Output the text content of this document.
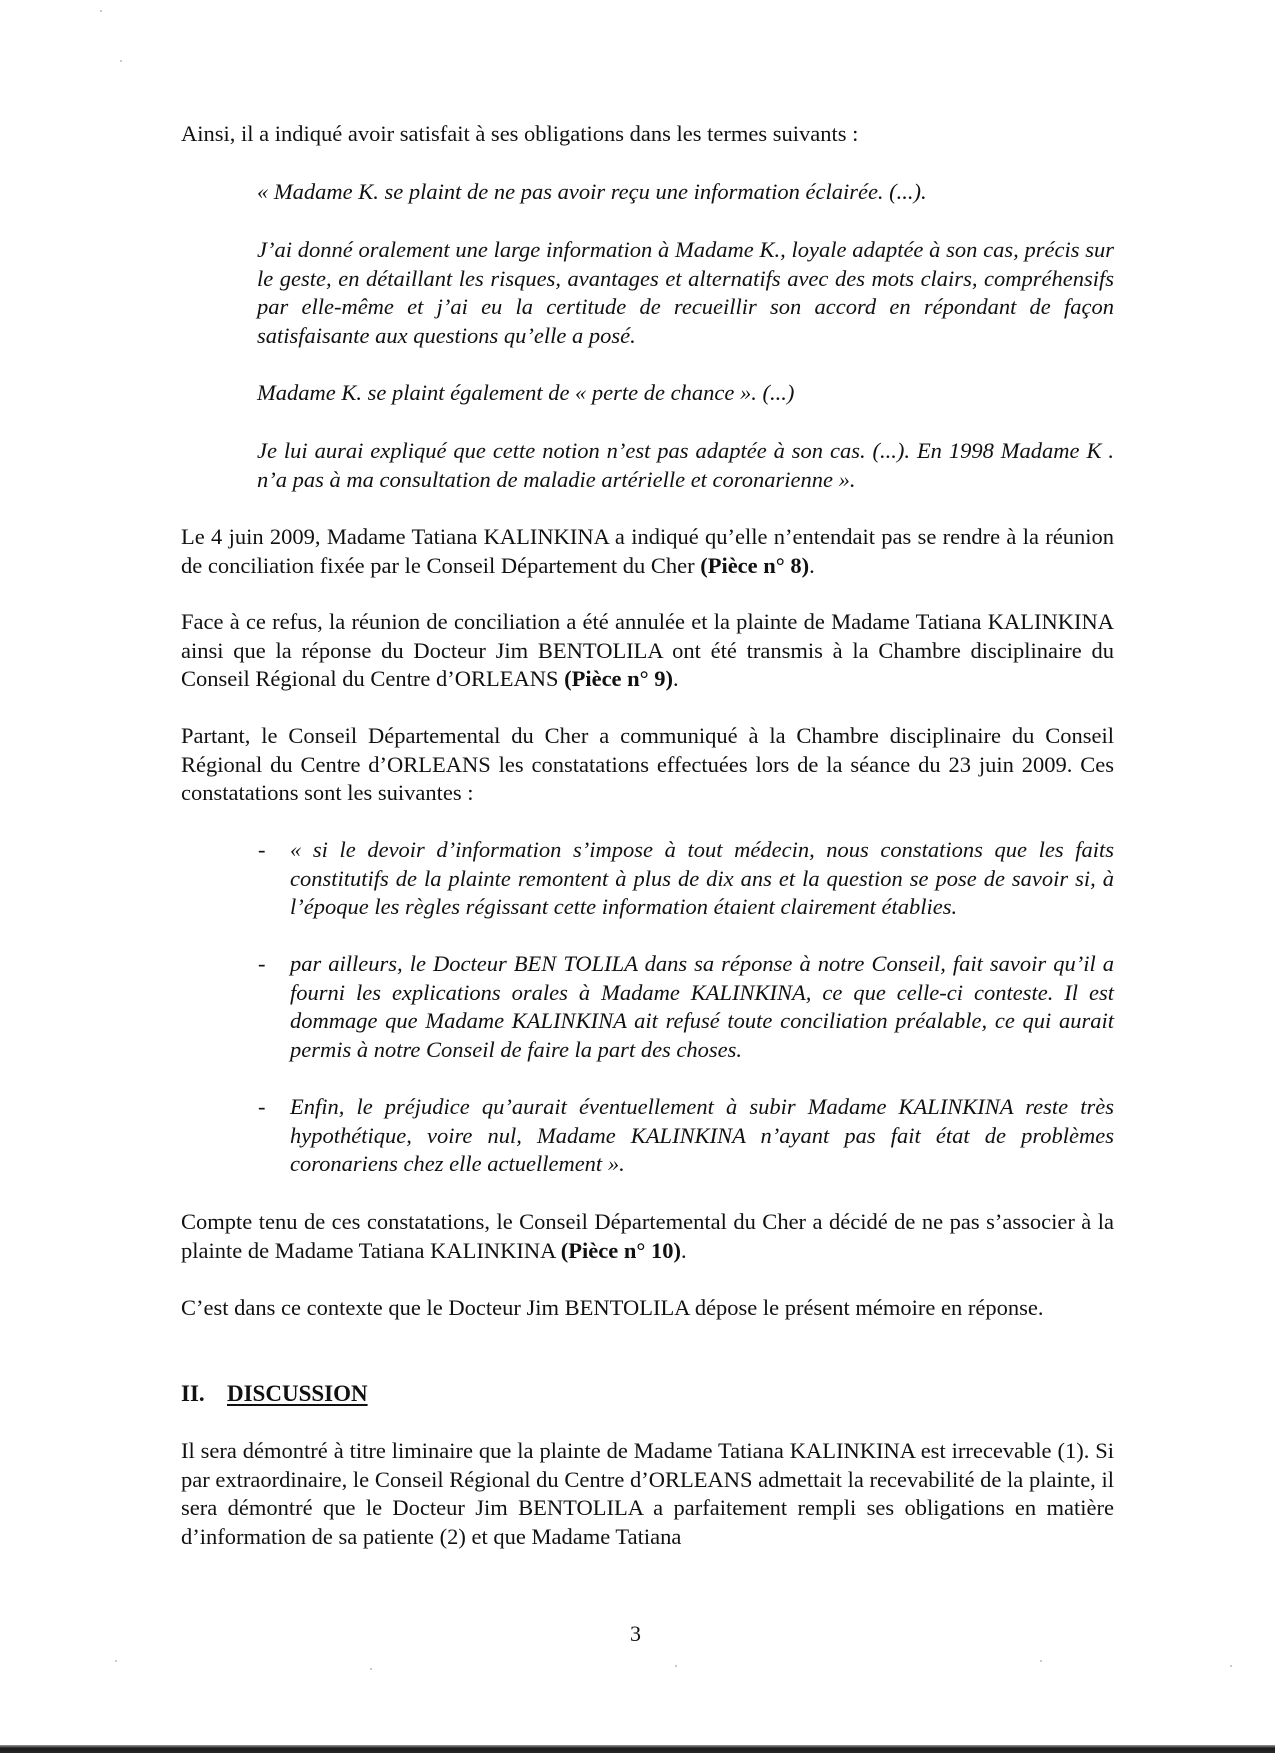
Ainsi, il a indiqué avoir satisfait à ses obligations dans les termes suivants :

« Madame K. se plaint de ne pas avoir reçu une information éclairée. (...).

J’ai donné oralement une large information à Madame K., loyale adaptée à son cas, précis sur le geste, en détaillant les risques, avantages et alternatifs avec des mots clairs, compréhensifs par elle-même et j’ai eu la certitude de recueillir son accord en répondant de façon satisfaisante aux questions qu’elle a posé.

Madame K. se plaint également de « perte de chance ». (...)

Je lui aurai expliqué que cette notion n’est pas adaptée à son cas. (...). En 1998 Madame K . n’a pas à ma consultation de maladie artérielle et coronarienne ».

Le 4 juin 2009, Madame Tatiana KALINKINA a indiqué qu’elle n’entendait pas se rendre à la réunion de conciliation fixée par le Conseil Département du Cher (Pièce n° 8).

Face à ce refus, la réunion de conciliation a été annulée et la plainte de Madame Tatiana KALINKINA ainsi que la réponse du Docteur Jim BENTOLILA ont été transmis à la Chambre disciplinaire du Conseil Régional du Centre d’ORLEANS (Pièce n° 9).

Partant, le Conseil Départemental du Cher a communiqué à la Chambre disciplinaire du Conseil Régional du Centre d’ORLEANS les constatations effectuées lors de la séance du 23 juin 2009. Ces constatations sont les suivantes :

- « si le devoir d’information s’impose à tout médecin, nous constations que les faits constitutifs de la plainte remontent à plus de dix ans et la question se pose de savoir si, à l’époque les règles régissant cette information étaient clairement établies.
- par ailleurs, le Docteur BEN TOLILA dans sa réponse à notre Conseil, fait savoir qu’il a fourni les explications orales à Madame KALINKINA, ce que celle-ci conteste. Il est dommage que Madame KALINKINA ait refusé toute conciliation préalable, ce qui aurait permis à notre Conseil de faire la part des choses.
- Enfin, le préjudice qu’aurait éventuellement à subir Madame KALINKINA reste très hypothétique, voire nul, Madame KALINKINA n’ayant pas fait état de problèmes coronariens chez elle actuellement ».

Compte tenu de ces constatations, le Conseil Départemental du Cher a décidé de ne pas s’associer à la plainte de Madame Tatiana KALINKINA (Pièce n° 10).

C’est dans ce contexte que le Docteur Jim BENTOLILA dépose le présent mémoire en réponse.

II. DISCUSSION

Il sera démontré à titre liminaire que la plainte de Madame Tatiana KALINKINA est irrecevable (1). Si par extraordinaire, le Conseil Régional du Centre d’ORLEANS admettait la recevabilité de la plainte, il sera démontré que le Docteur Jim BENTOLILA a parfaitement rempli ses obligations en matière d’information de sa patiente (2) et que Madame Tatiana

3
